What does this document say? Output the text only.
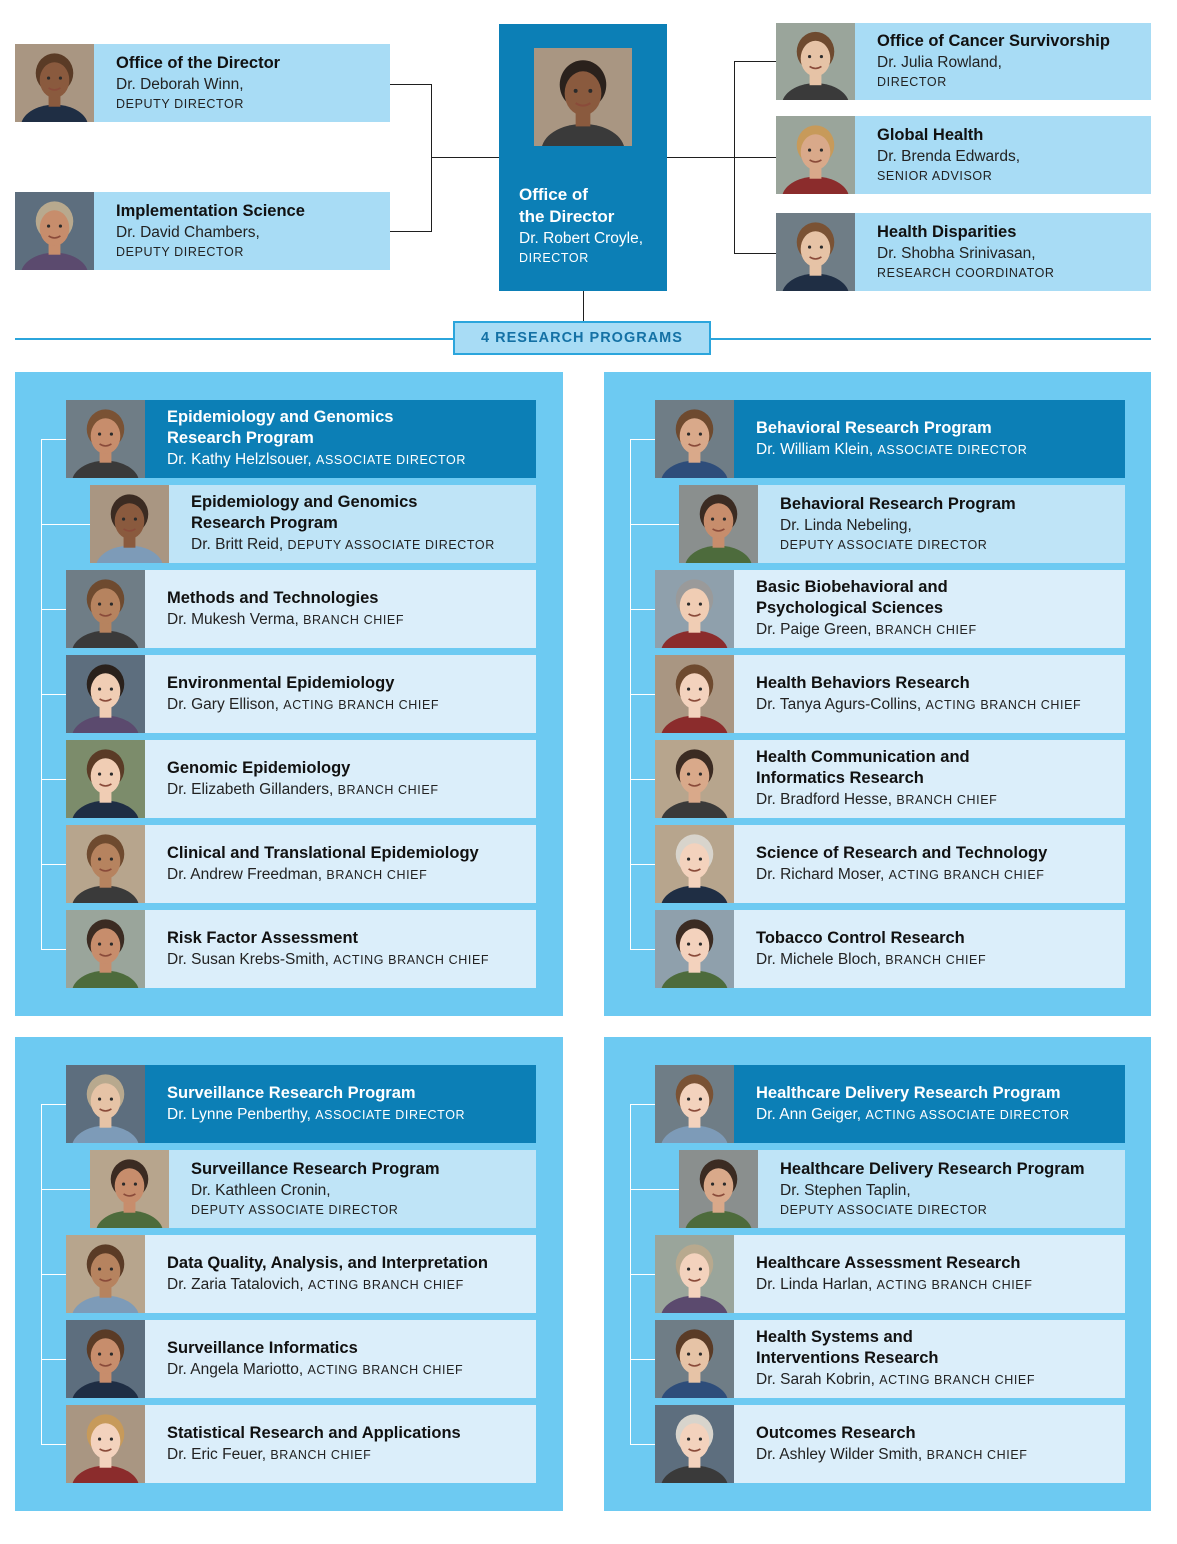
Office of
the Director
Dr. Robert Croyle,
DIRECTOR
4 RESEARCH PROGRAMS
Office of the Director
Dr. Deborah Winn,
DEPUTY DIRECTOR
Implementation Science
Dr. David Chambers,
DEPUTY DIRECTOR
Office of Cancer Survivorship
Dr. Julia Rowland,
DIRECTOR
Global Health
Dr. Brenda Edwards,
SENIOR ADVISOR
Health Disparities
Dr. Shobha Srinivasan,
RESEARCH COORDINATOR
Epidemiology and Genomics
Research Program
Dr. Kathy Helzlsouer, ASSOCIATE DIRECTOR
Epidemiology and Genomics
Research Program
Dr. Britt Reid, DEPUTY ASSOCIATE DIRECTOR
Methods and Technologies
Dr. Mukesh Verma, BRANCH CHIEF
Environmental Epidemiology
Dr. Gary Ellison, ACTING BRANCH CHIEF
Genomic Epidemiology
Dr. Elizabeth Gillanders, BRANCH CHIEF
Clinical and Translational Epidemiology
Dr. Andrew Freedman, BRANCH CHIEF
Risk Factor Assessment
Dr. Susan Krebs-Smith, ACTING BRANCH CHIEF
Behavioral Research Program
Dr. William Klein, ASSOCIATE DIRECTOR
Behavioral Research Program
Dr. Linda Nebeling,
DEPUTY ASSOCIATE DIRECTOR
Basic Biobehavioral and
Psychological Sciences
Dr. Paige Green, BRANCH CHIEF
Health Behaviors Research
Dr. Tanya Agurs-Collins, ACTING BRANCH CHIEF
Health Communication and
Informatics Research
Dr. Bradford Hesse, BRANCH CHIEF
Science of Research and Technology
Dr. Richard Moser, ACTING BRANCH CHIEF
Tobacco Control Research
Dr. Michele Bloch, BRANCH CHIEF
Surveillance Research Program
Dr. Lynne Penberthy, ASSOCIATE DIRECTOR
Surveillance Research Program
Dr. Kathleen Cronin,
DEPUTY ASSOCIATE DIRECTOR
Data Quality, Analysis, and Interpretation
Dr. Zaria Tatalovich, ACTING BRANCH CHIEF
Surveillance Informatics
Dr. Angela Mariotto, ACTING BRANCH CHIEF
Statistical Research and Applications
Dr. Eric Feuer, BRANCH CHIEF
Healthcare Delivery Research Program
Dr. Ann Geiger, ACTING ASSOCIATE DIRECTOR
Healthcare Delivery Research Program
Dr. Stephen Taplin,
DEPUTY ASSOCIATE DIRECTOR
Healthcare Assessment Research
Dr. Linda Harlan, ACTING BRANCH CHIEF
Health Systems and
Interventions Research
Dr. Sarah Kobrin, ACTING BRANCH CHIEF
Outcomes Research
Dr. Ashley Wilder Smith, BRANCH CHIEF
